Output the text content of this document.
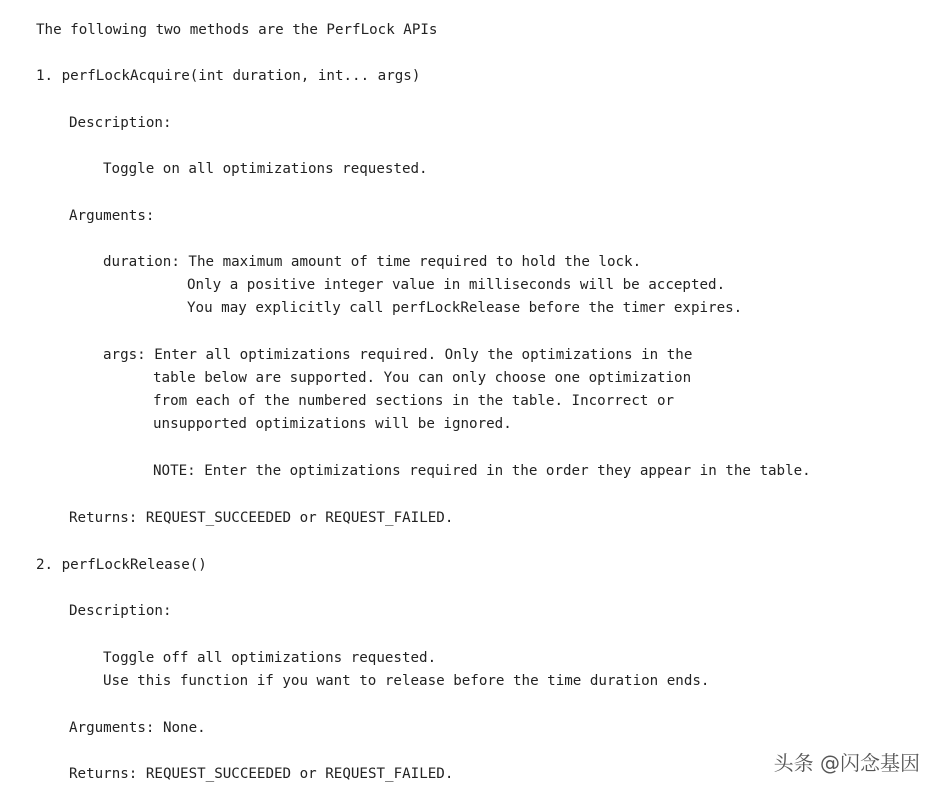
The following two methods are the PerfLock APIs

1. perfLockAcquire(int duration, int... args)

Description:

Toggle on all optimizations requested.

Arguments:

duration: The maximum amount of time required to hold the lock.

Only a positive integer value in milliseconds will be accepted.

You may explicitly call perfLockRelease before the timer expires.

args: Enter all optimizations required. Only the optimizations in the

table below are supported. You can only choose one optimization

from each of the numbered sections in the table. Incorrect or

unsupported optimizations will be ignored.

NOTE: Enter the optimizations required in the order they appear in the table.

Returns: REQUEST_SUCCEEDED or REQUEST_FAILED.

2. perfLockRelease()

Description:

Toggle off all optimizations requested.

Use this function if you want to release before the time duration ends.

Arguments: None.

Returns: REQUEST_SUCCEEDED or REQUEST_FAILED.	头条 @闪念基因
